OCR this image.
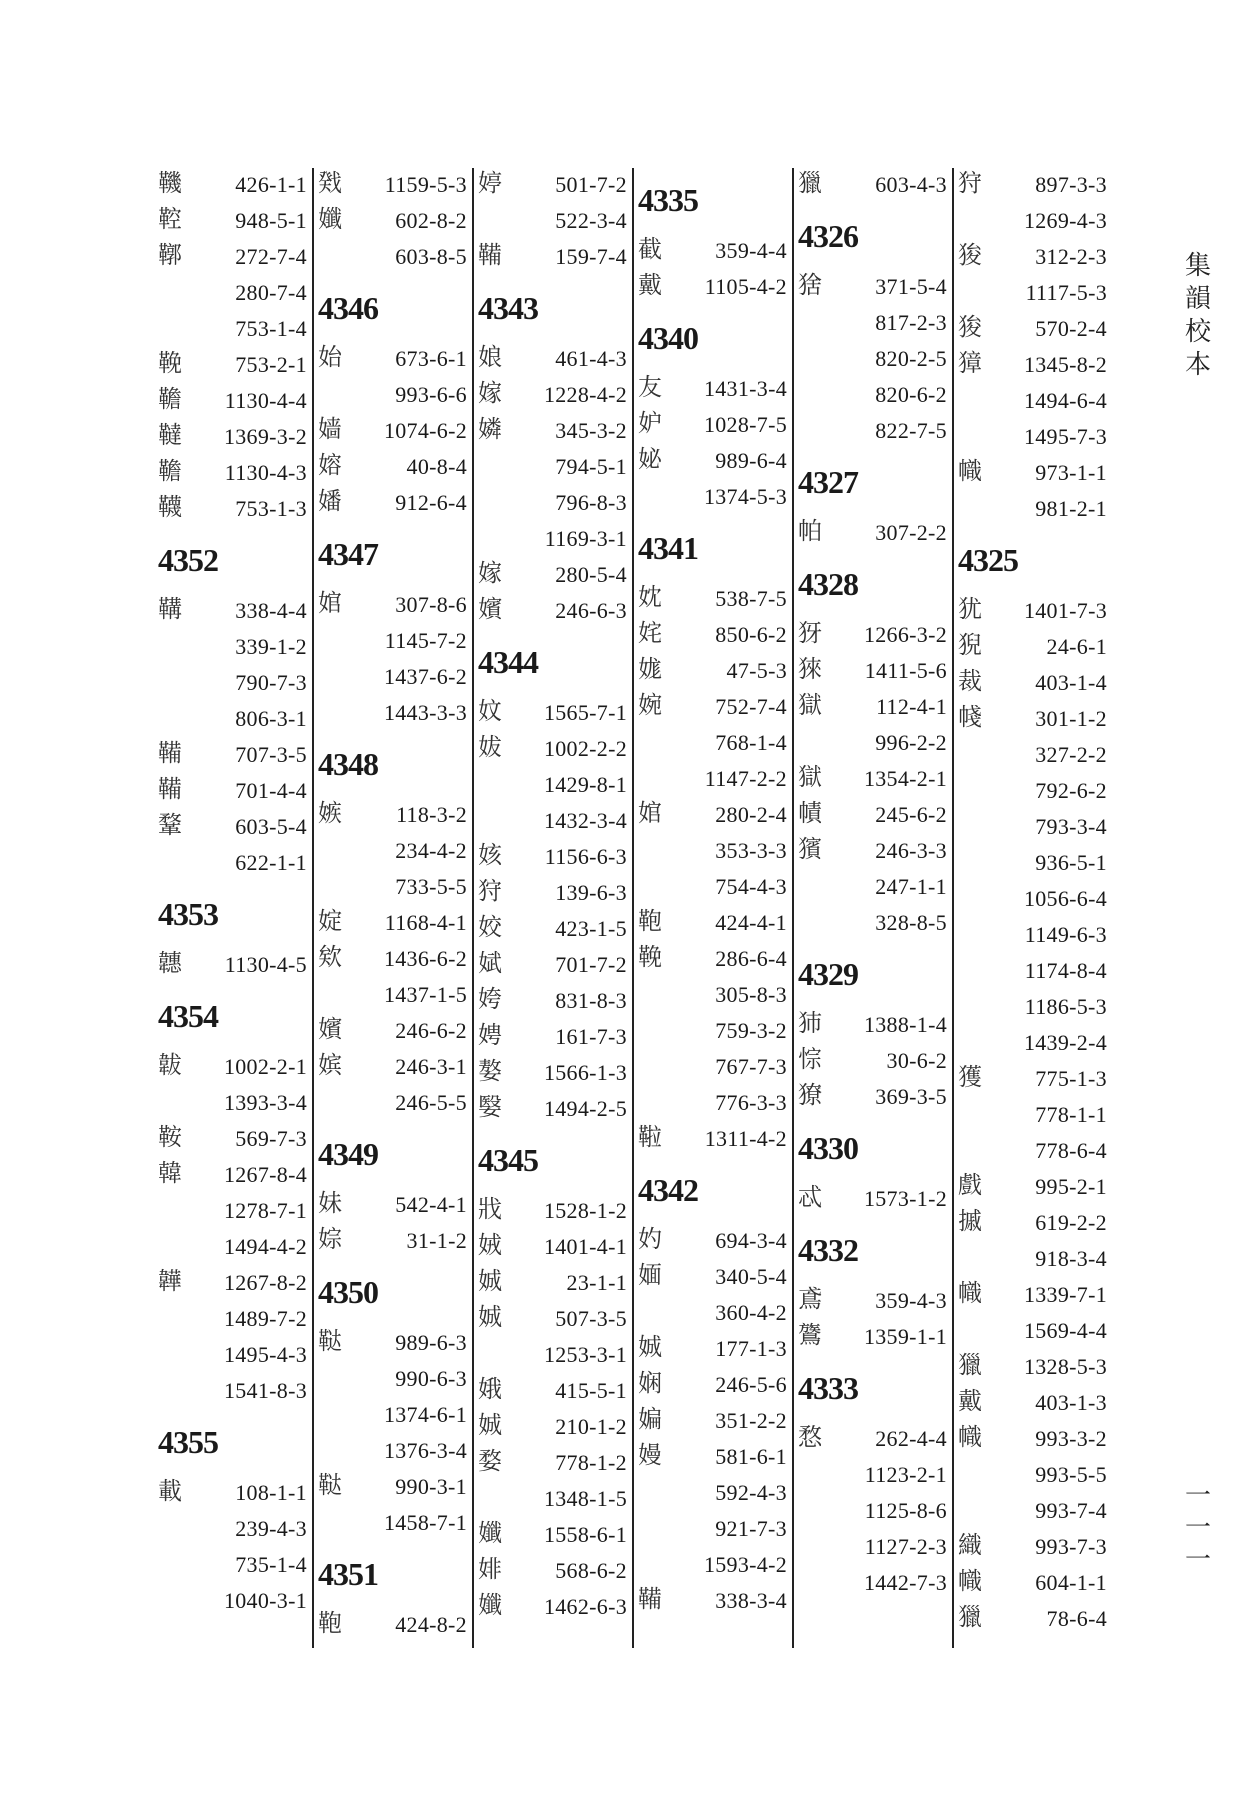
集
韻
校
本
一
一
一
鞿	426-1-1
鞚	948-5-1
鞹	272-7-4
280-7-4
753-1-4
鞔	753-2-1
韂	1130-4-4
韃	1369-3-2
韂	1130-4-3
韈	753-1-3
4352
鞲	338-4-4
339-1-2
790-7-3
806-3-1
鞴	707-3-5
鞴	701-4-4
鞪	603-5-4
622-1-1
4353
韢	1130-4-5
4354
韍	1002-2-1
1393-3-4
鞍	569-7-3
韓	1267-8-4
1278-7-1
1494-4-2
韡	1267-8-2
1489-7-2
1495-4-3
1541-8-3
4355
載	108-1-1
239-4-3
735-1-4
1040-3-1
戣	1159-5-3
孅	602-8-2
603-8-5
4346
始	673-6-1
993-6-6
嫱	1074-6-2
嫆	40-8-4
嬏	912-6-4
4347
婠	307-8-6
1145-7-2
1437-6-2
1443-3-3
4348
嫉	118-3-2
234-4-2
733-5-5
婝	1168-4-1
欸	1436-6-2
1437-1-5
嬪	246-6-2
嫔	246-3-1
246-5-5
4349
妹	542-4-1
婃	31-1-2
4350
鞑	989-6-3
990-6-3
1374-6-1
1376-3-4
鞑	990-3-1
1458-7-1
4351
鞄	424-8-2
婷	501-7-2
522-3-4
鞴	159-7-4
4343
娘	461-4-3
嫁	1228-4-2
嫾	345-3-2
794-5-1
796-8-3
1169-3-1
嫁	280-5-4
嬪	246-6-3
4344
妏	1565-7-1
妭	1002-2-2
1429-8-1
1432-3-4
姟	1156-6-3
狩	139-6-3
姣	423-1-5
娬	701-7-2
姱	831-8-3
娉	161-7-3
嫯	1566-1-3
嫛	1494-2-5
4345
戕	1528-1-2
娀	1401-4-1
娍	23-1-1
娍	507-3-5
1253-3-1
娥	415-5-1
娍	210-1-2
婺	778-1-2
1348-1-5
孅	1558-6-1
婔	568-6-2
孅	1462-6-3
4335
截	359-4-4
戴	1105-4-2
4340
友	1431-3-4
妒	1028-7-5
妼	989-6-4
1374-5-3
4341
妉	538-7-5
姹	850-6-2
娏	47-5-3
婉	752-7-4
768-1-4
1147-2-2
婠	280-2-4
353-3-3
754-4-3
鞄	424-4-1
鞔	286-6-4
305-8-3
759-3-2
767-7-3
776-3-3
鞡	1311-4-2
4342
妁	694-3-4
媔	340-5-4
360-4-2
娍	177-1-3
娴	246-5-6
媥	351-2-2
嫚	581-6-1
592-4-3
921-7-3
1593-4-2
鞴	338-3-4
獵	603-4-3
4326
猞	371-5-4
817-2-3
820-2-5
820-6-2
822-7-5
4327
帕	307-2-2
4328
犽	1266-3-2
猍	1411-5-6
獄	112-4-1
996-2-2
獄	1354-2-1
幘	245-6-2
獱	246-3-3
247-1-1
328-8-5
4329
犻	1388-1-4
悰	30-6-2
獠	369-3-5
4330
忒	1573-1-2
4332
鳶	359-4-3
鷟	1359-1-1
4333
愗	262-4-4
1123-2-1
1125-8-6
1127-2-3
1442-7-3
狩	897-3-3
1269-4-3
狻	312-2-3
1117-5-3
狻	570-2-4
獐	1345-8-2
1494-6-4
1495-7-3
幟	973-1-1
981-2-1
4325
犹	1401-7-3
猊	24-6-1
裁	403-1-4
帴	301-1-2
327-2-2
792-6-2
793-3-4
936-5-1
1056-6-4
1149-6-3
1174-8-4
1186-5-3
1439-2-4
獲	775-1-3
778-1-1
778-6-4
戲	995-2-1
摵	619-2-2
918-3-4
幟	1339-7-1
1569-4-4
獵	1328-5-3
戴	403-1-3
幟	993-3-2
993-5-5
993-7-4
織	993-7-3
幟	604-1-1
獵	78-6-4
